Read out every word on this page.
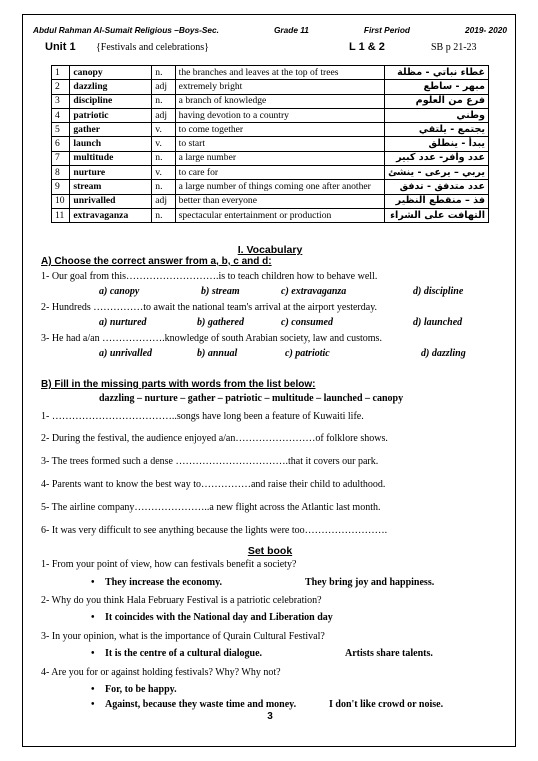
Abdul Rahman Al-Sumait Religious –Boys-Sec.	Grade 11	First Period	2019- 2020
Unit 1 {Festivals and celebrations}	L 1 & 2	SB p 21-23
1	canopy	n.	the branches and leaves at the top of trees	غطاء نباتي - مظلة
2	dazzling	adj	extremely bright	مبهر - ساطع
3	discipline	n.	a branch of knowledge	فرع من العلوم
4	patriotic	adj	having devotion to a country	وطني
5	gather	v.	to come together	يجتمع - يلتقي
6	launch	v.	to start	يبدأ - ينطلق
7	multitude	n.	a large number	عدد وافر- عدد كبير
8	nurture	v.	to care for	يربي – يرعى - ينشئ
9	stream	n.	a large number of things coming one after another	عدد متدفق - تدفق
10	unrivalled	adj	better than everyone	فذ – منقطع النظير
11	extravaganza	n.	spectacular entertainment or production	التهافت على الشراء
I. Vocabulary
A) Choose the correct answer from a, b, c and d:
1- Our goal from this……………………….is to teach children how to behave well.
a) canopy	b) stream	c) extravaganza	d) discipline
2- Hundreds ……………to await the national team's arrival at the airport yesterday.
a) nurtured	b) gathered	c) consumed	d) launched
3- He had a/an ……………….knowledge of south Arabian society, law and customs.
a) unrivalled	b) annual	c) patriotic	d) dazzling
B) Fill in the missing parts with words from the list below:
dazzling – nurture – gather – patriotic – multitude – launched – canopy
1- ………………………………..songs have long been a feature of Kuwaiti life.
2- During the festival, the audience enjoyed a/an……………………of folklore shows.
3- The trees formed such a dense …………………………….that it covers our park.
4- Parents want to know the best way to……………and raise their child to adulthood.
5- The airline company…………………..a new flight across the Atlantic last month.
6- It was very difficult to see anything because the lights were too…………………….
Set book
1- From your point of view, how can festivals benefit a society?
• They increase the economy.	They bring joy and happiness.
2- Why do you think Hala February Festival is a patriotic celebration?
• It coincides with the National day and Liberation day
3- In your opinion, what is the importance of Qurain Cultural Festival?
• It is the centre of a cultural dialogue.	Artists share talents.
4- Are you for or against holding festivals? Why? Why not?
• For, to be happy.
• Against, because they waste time and money.	I don't like crowd or noise.
3
